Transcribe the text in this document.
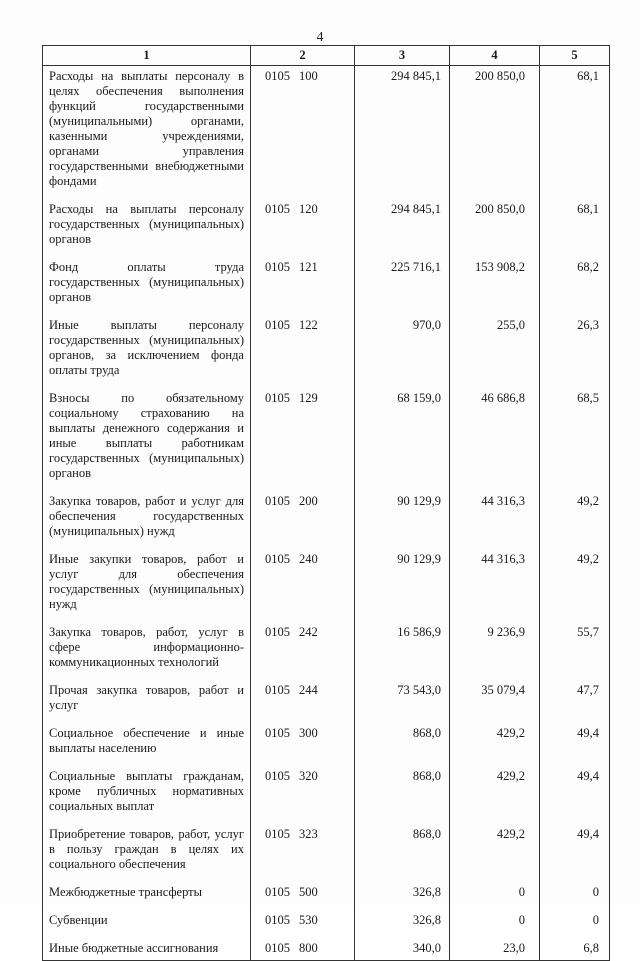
4
1	2	3	4	5
Расходы на выплаты персоналу в целях обеспечения выполнения функций государственными (муниципальными) органами, казенными учреждениями, органами управления государственными внебюджетными фондами	0105 100	294 845,1	200 850,0	68,1
Расходы на выплаты персоналу государственных (муниципальных) органов	0105 120	294 845,1	200 850,0	68,1
Фонд оплаты труда государственных (муниципальных) органов	0105 121	225 716,1	153 908,2	68,2
Иные выплаты персоналу государственных (муниципальных) органов, за исключением фонда оплаты труда	0105 122	970,0	255,0	26,3
Взносы по обязательному социальному страхованию на выплаты денежного содержания и иные выплаты работникам государственных (муниципальных) органов	0105 129	68 159,0	46 686,8	68,5
Закупка товаров, работ и услуг для обеспечения государственных (муниципальных) нужд	0105 200	90 129,9	44 316,3	49,2
Иные закупки товаров, работ и услуг для обеспечения государственных (муниципальных) нужд	0105 240	90 129,9	44 316,3	49,2
Закупка товаров, работ, услуг в сфере информационно-коммуникационных технологий	0105 242	16 586,9	9 236,9	55,7
Прочая закупка товаров, работ и услуг	0105 244	73 543,0	35 079,4	47,7
Социальное обеспечение и иные выплаты населению	0105 300	868,0	429,2	49,4
Социальные выплаты гражданам, кроме публичных нормативных социальных выплат	0105 320	868,0	429,2	49,4
Приобретение товаров, работ, услуг в пользу граждан в целях их социального обеспечения	0105 323	868,0	429,2	49,4
Межбюджетные трансферты	0105 500	326,8	0	0
Субвенции	0105 530	326,8	0	0
Иные бюджетные ассигнования	0105 800	340,0	23,0	6,8
